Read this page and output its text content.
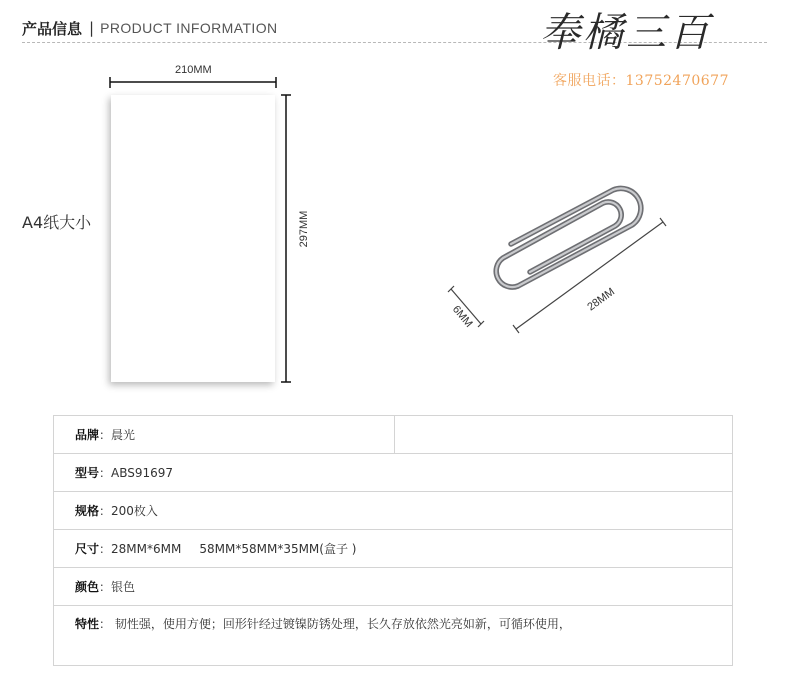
产品信息 | PRODUCT INFORMATION	奉橘三百
客服电话：13752470677
A4纸大小
210MM
297MM
6MM
28MM
品牌：晨光	
型号：ABS91697
规格：200枚入
尺寸：28MM*6MM 58MM*58MM*35MM(盒子 )
颜色：银色
特性： 韧性强，使用方便；回形针经过镀镍防锈处理，长久存放依然光亮如新，可循环使用，
